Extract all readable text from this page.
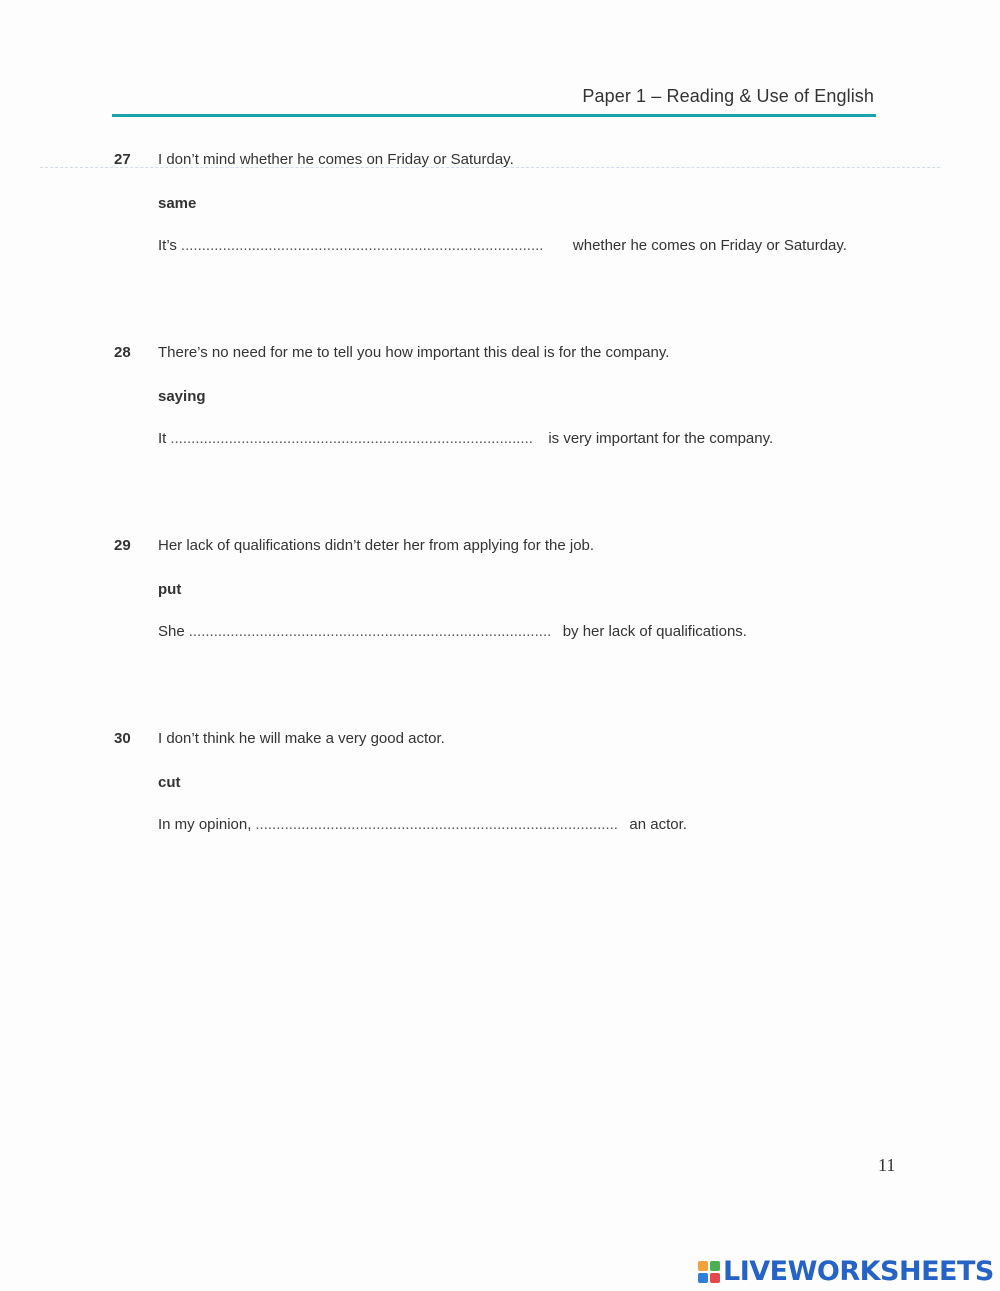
Paper 1 – Reading & Use of English
27 I don’t mind whether he comes on Friday or Saturday.
same
It’s .......................................................................................	whether he comes on Friday or Saturday.
28 There’s no need for me to tell you how important this deal is for the company.
saying
It .......................................................................................	is very important for the company.
29 Her lack of qualifications didn’t deter her from applying for the job.
put
She ....................................................................................... by her lack of qualifications.
30 I don’t think he will make a very good actor.
cut
In my opinion, ....................................................................................... an actor.
11
LIVEWORKSHEETS
